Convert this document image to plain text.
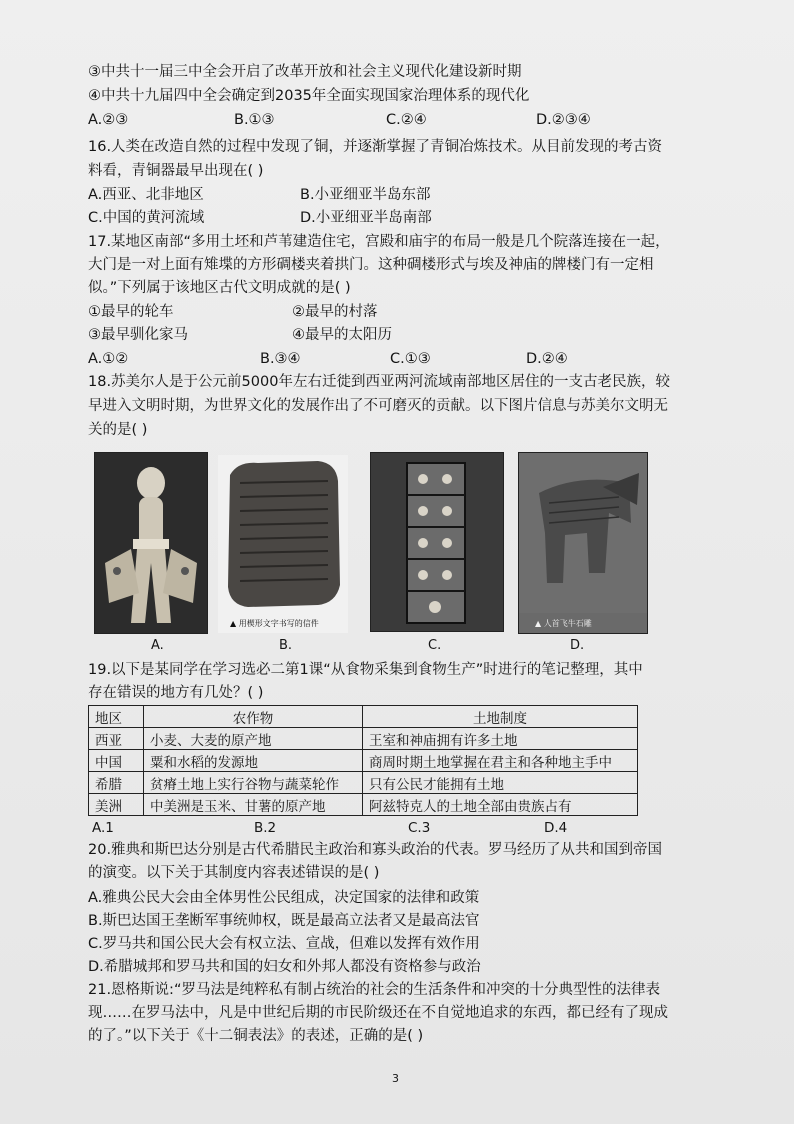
③中共十一届三中全会开启了改革开放和社会主义现代化建设新时期
④中共十九届四中全会确定到2035年全面实现国家治理体系的现代化
A.②③	B.①③	C.②④	D.②③④
16.人类在改造自然的过程中发现了铜，并逐渐掌握了青铜冶炼技术。从目前发现的考古资
料看，青铜器最早出现在( )
A.西亚、北非地区	B.小亚细亚半岛东部
C.中国的黄河流域	D.小亚细亚半岛南部
17.某地区南部“多用土坯和芦苇建造住宅，宫殿和庙宇的布局一般是几个院落连接在一起，
大门是一对上面有雉堞的方形碉楼夹着拱门。这种碉楼形式与埃及神庙的牌楼门有一定相
似。”下列属于该地区古代文明成就的是( )
①最早的轮车	②最早的村落
③最早驯化家马	④最早的太阳历
A.①②	B.③④	C.①③	D.②④
18.苏美尔人是于公元前5000年左右迁徙到西亚两河流域南部地区居住的一支古老民族，较
早进入文明时期，为世界文化的发展作出了不可磨灭的贡献。以下图片信息与苏美尔文明无
关的是( )
▲ 用楔形文字书写的信件	▲ 人首飞牛石雕
A.	B.	C.	D.
19.以下是某同学在学习选必二第1课“从食物采集到食物生产”时进行的笔记整理，其中
存在错误的地方有几处？( )
地区	农作物	土地制度
西亚	小麦、大麦的原产地	王室和神庙拥有许多土地
中国	粟和水稻的发源地	商周时期土地掌握在君主和各种地主手中
希腊	贫瘠土地上实行谷物与蔬菜轮作	只有公民才能拥有土地
美洲	中美洲是玉米、甘薯的原产地	阿兹特克人的土地全部由贵族占有
A.1	B.2	C.3	D.4
20.雅典和斯巴达分别是古代希腊民主政治和寡头政治的代表。罗马经历了从共和国到帝国
的演变。以下关于其制度内容表述错误的是( )
A.雅典公民大会由全体男性公民组成，决定国家的法律和政策
B.斯巴达国王垄断军事统帅权，既是最高立法者又是最高法官
C.罗马共和国公民大会有权立法、宣战，但难以发挥有效作用
D.希腊城邦和罗马共和国的妇女和外邦人都没有资格参与政治
21.恩格斯说:“罗马法是纯粹私有制占统治的社会的生活条件和冲突的十分典型性的法律表
现……在罗马法中，凡是中世纪后期的市民阶级还在不自觉地追求的东西，都已经有了现成
的了。”以下关于《十二铜表法》的表述，正确的是( )
3
